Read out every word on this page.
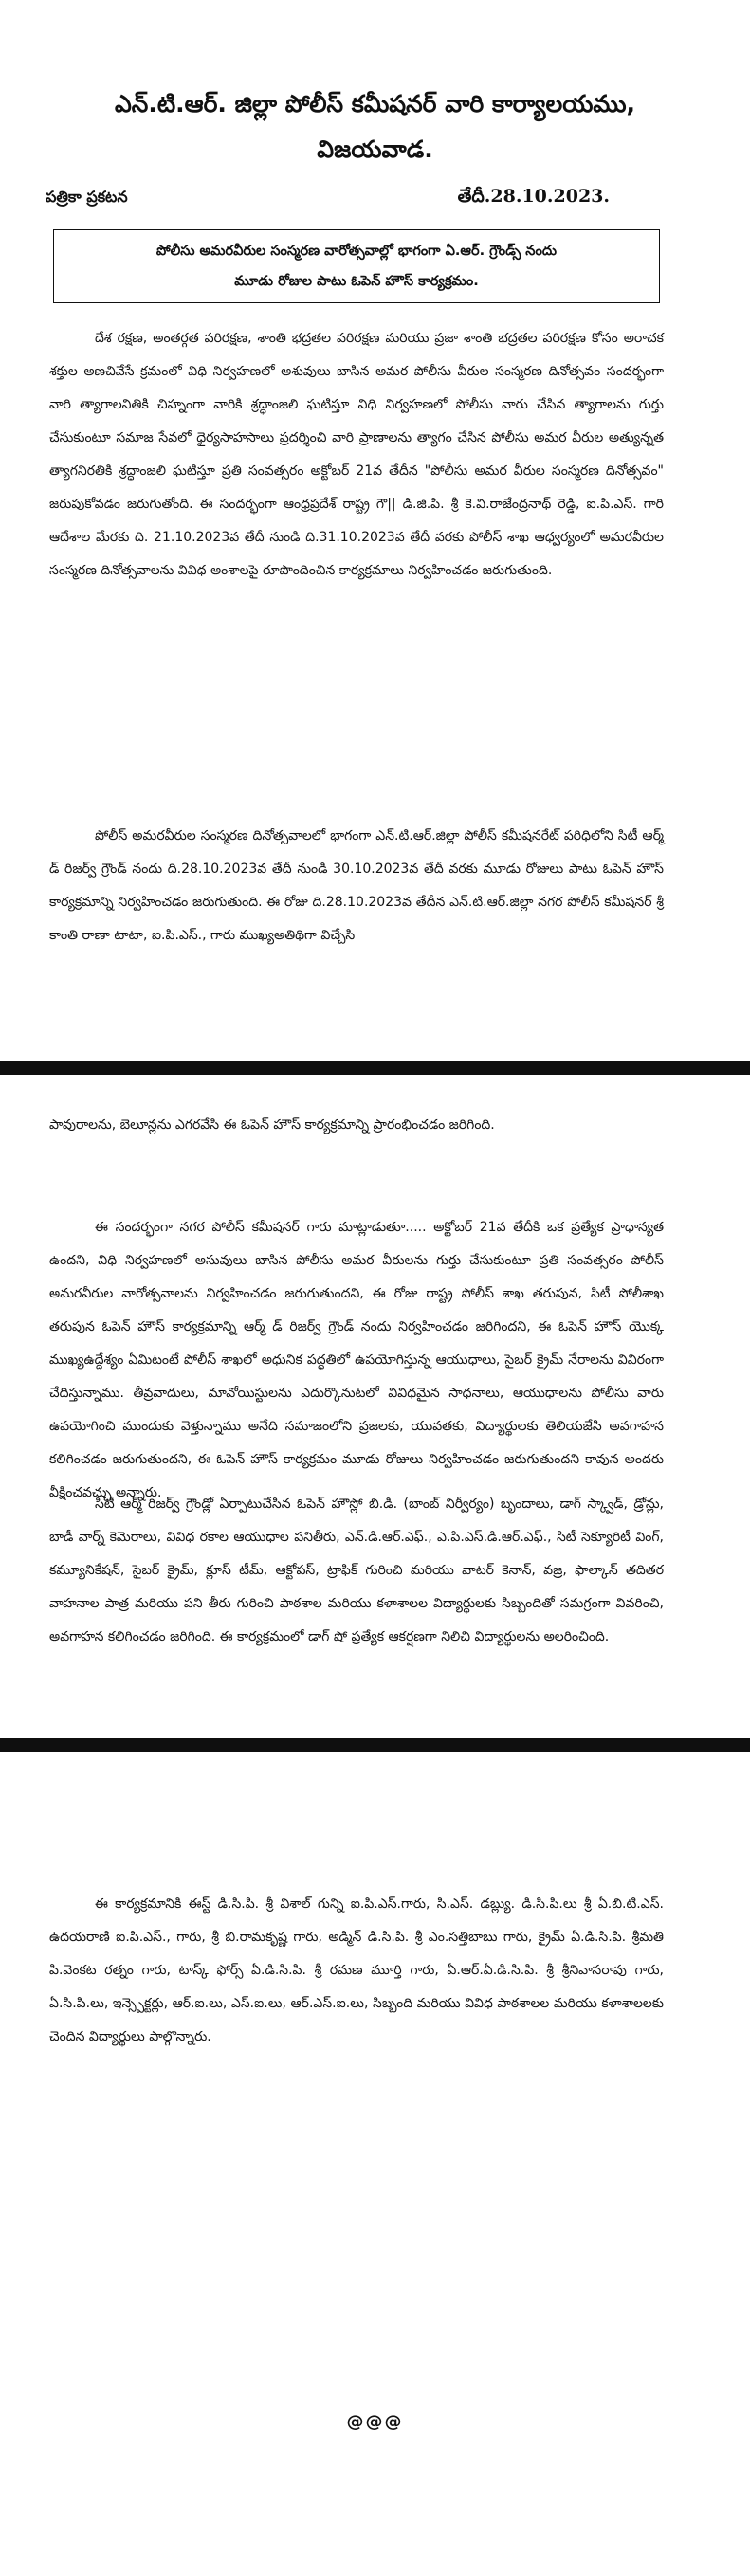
ఎన్.టి.ఆర్. జిల్లా పోలీస్ కమీషనర్ వారి కార్యాలయము,
విజయవాడ.
పత్రికా ప్రకటన	తేదీ.28.10.2023.
పోలీసు అమరవీరుల సంస్మరణ వారోత్సవాల్లో భాగంగా ఏ.ఆర్. గ్రౌండ్స్ నందు
మూడు రోజుల పాటు ఓపెన్ హౌస్ కార్యక్రమం.

దేశ రక్షణ, అంతర్గత పరిరక్షణ, శాంతి భద్రతల పరిరక్షణ మరియు ప్రజా శాంతి భద్రతల పరిరక్షణ కోసం అరాచక శక్తుల అణచివేసే క్రమంలో విధి నిర్వహణలో అశువులు బాసిన అమర పోలీసు వీరుల సంస్మరణ దినోత్సవం సందర్భంగా వారి త్యాగాలనితికి చిహ్నంగా వారికి శ్రద్ధాంజలి ఘటిస్తూ విధి నిర్వహణలో పోలీసు వారు చేసిన త్యాగాలను గుర్తు చేసుకుంటూ సమాజ సేవలో ధైర్యసాహసాలు ప్రదర్శించి వారి ప్రాణాలను త్యాగం చేసిన పోలీసు అమర వీరుల అత్యున్నత త్యాగనిరతికి శ్రద్ధాంజలి ఘటిస్తూ ప్రతి సంవత్సరం అక్టోబర్ 21వ తేదీన "పోలీసు అమర వీరుల సంస్మరణ దినోత్సవం" జరుపుకోవడం జరుగుతోంది. ఈ సందర్భంగా ఆంధ్రప్రదేశ్ రాష్ట్ర గౌ|| డి.జి.పి. శ్రీ కె.వి.రాజేంద్రనాథ్ రెడ్డి, ఐ.పి.ఎస్. గారి ఆదేశాల మేరకు ది. 21.10.2023వ తేదీ నుండి ది.31.10.2023వ తేదీ వరకు పోలీస్ శాఖ ఆధ్వర్యంలో అమరవీరుల సంస్మరణ దినోత్సవాలను వివిధ అంశాలపై రూపొందించిన కార్యక్రమాలు నిర్వహించడం జరుగుతుంది.

పోలీస్ అమరవీరుల సంస్మరణ దినోత్సవాలలో భాగంగా ఎన్.టి.ఆర్.జిల్లా పోలీస్ కమీషనరేట్ పరిధిలోని సిటీ ఆర్మ్ డ్ రిజర్వ్ గ్రౌండ్ నందు ది.28.10.2023వ తేదీ నుండి 30.10.2023వ తేదీ వరకు మూడు రోజులు పాటు ఓపెన్ హౌస్ కార్యక్రమాన్ని నిర్వహించడం జరుగుతుంది. ఈ రోజు ది.28.10.2023వ తేదీన ఎన్.టి.ఆర్.జిల్లా నగర పోలీస్ కమీషనర్ శ్రీ కాంతి రాణా టాటా, ఐ.పి.ఎస్., గారు ముఖ్యఅతిథిగా విచ్చేసి

పావురాలను, బెలూన్లను ఎగరవేసి ఈ ఓపెన్ హౌస్ కార్యక్రమాన్ని ప్రారంభించడం జరిగింది.

ఈ సందర్భంగా నగర పోలీస్ కమీషనర్ గారు మాట్లాడుతూ..... అక్టోబర్ 21వ తేదీకి ఒక ప్రత్యేక ప్రాధాన్యత ఉందని, విధి నిర్వహణలో అసువులు బాసిన పోలీసు అమర వీరులను గుర్తు చేసుకుంటూ ప్రతి సంవత్సరం పోలీస్ అమరవీరుల వారోత్సవాలను నిర్వహించడం జరుగుతుందని, ఈ రోజు రాష్ట్ర పోలీస్ శాఖ తరుపున, సిటీ పోలీశాఖ తరుపున ఓపెన్ హౌస్ కార్యక్రమాన్ని ఆర్మ్ డ్ రిజర్వ్ గ్రౌండ్ నందు నిర్వహించడం జరిగిందని, ఈ ఓపెన్ హౌస్ యొక్క ముఖ్యఉద్దేశ్యం ఏమిటంటే పోలీస్ శాఖలో అధునిక పద్ధతిలో ఉపయోగిస్తున్న ఆయుధాలు, సైబర్ క్రైమ్ నేరాలను వివిరంగా చేదిస్తున్నాము. తీవ్రవాదులు, మావోయిస్టులను ఎదుర్కొనుటలో వివిధమైన సాధనాలు, ఆయుధాలను పోలీసు వారు ఉపయోగించి ముందుకు వెళ్తున్నాము అనేది సమాజంలోని ప్రజలకు, యువతకు, విద్యార్థులకు తెలియజేసి అవగాహన కలిగించడం జరుగుతుందని, ఈ ఓపెన్ హౌస్ కార్యక్రమం మూడు రోజులు నిర్వహించడం జరుగుతుందని కావున అందరు వీక్షించవచ్చు అన్నారు.

సిటీ ఆర్మ్ రిజర్వ్ గ్రౌండ్లో ఏర్పాటుచేసిన ఓపెన్ హౌస్లో బి.డి. (బాంబ్ నిర్వీర్యం) బృందాలు, డాగ్ స్క్వాడ్, డ్రోన్లు, బాడీ వార్న్ కెమెరాలు, వివిధ రకాల ఆయుధాల పనితీరు, ఎన్.డి.ఆర్.ఎఫ్., ఎ.పి.ఎస్.డి.ఆర్.ఎఫ్., సిటీ సెక్యూరిటీ వింగ్, కమ్యూనికేషన్, సైబర్ క్రైమ్, క్లూస్ టీమ్, ఆక్టోపస్, ట్రాఫిక్ గురించి మరియు వాటర్ కెనాన్, వజ్ర, ఫాల్కాన్ తదితర వాహనాల పాత్ర మరియు పని తీరు గురించి పాఠశాల మరియు కళాశాలల విద్యార్ధులకు సిబ్బందితో సమగ్రంగా వివరించి, అవగాహన కలిగించడం జరిగింది. ఈ కార్యక్రమంలో డాగ్ షో ప్రత్యేక ఆకర్షణగా నిలిచి విద్యార్థులను అలరించింది.

ఈ కార్యక్రమానికి ఈస్ట్ డి.సి.పి. శ్రీ విశాల్ గున్ని ఐ.పి.ఎస్.గారు, సి.ఎస్. డబ్ల్యు. డి.సి.పి.లు శ్రీ ఏ.బి.టి.ఎస్. ఉదయరాణి ఐ.పి.ఎస్., గారు, శ్రీ బి.రామకృష్ణ గారు, అడ్మిన్ డి.సి.పి. శ్రీ ఎం.సత్తిబాబు గారు, క్రైమ్ ఏ.డి.సి.పి. శ్రీమతి పి.వెంకట రత్నం గారు, టాస్క్ ఫోర్స్ ఏ.డి.సి.పి. శ్రీ రమణ మూర్తి గారు, ఏ.ఆర్.ఏ.డి.సి.పి. శ్రీ శ్రీనివాసరావు గారు, ఏ.సి.పి.లు, ఇన్స్పెక్టర్లు, ఆర్.ఐ.లు, ఎస్.ఐ.లు, ఆర్.ఎస్.ఐ.లు, సిబ్బంది మరియు వివిధ పాఠశాలల మరియు కళాశాలలకు చెందిన విద్యార్థులు పాల్గొన్నారు.

@@@
